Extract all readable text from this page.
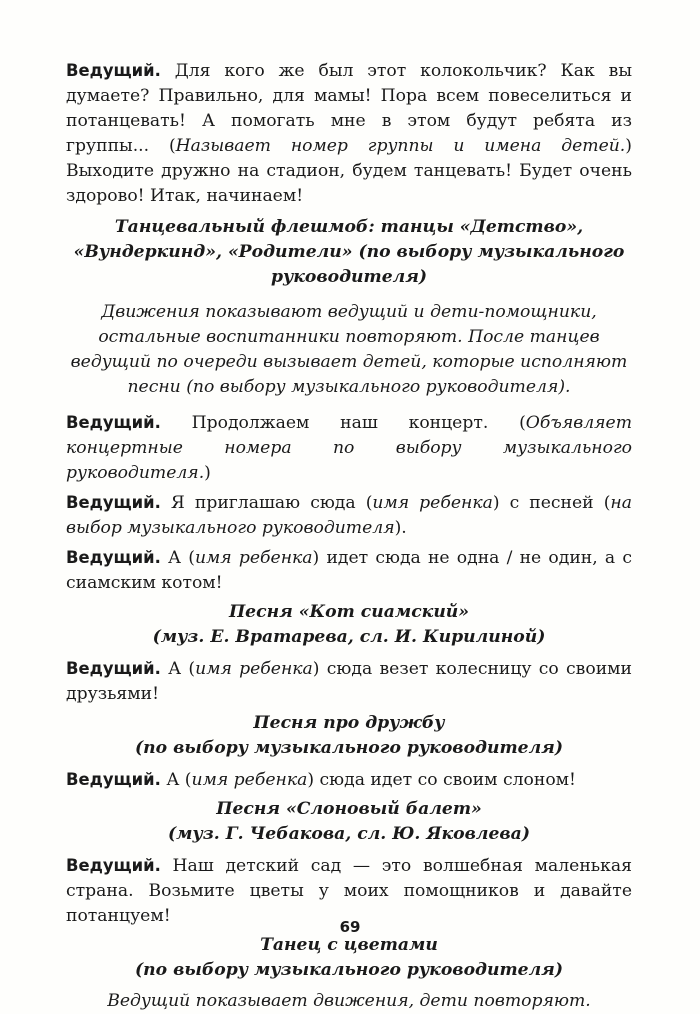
Ведущий. Для кого же был этот колокольчик? Как вы думаете? Правильно, для мамы! Пора всем повеселиться и потанцевать! А помогать мне в этом будут ребята из группы... (Называет номер группы и имена детей.) Выходите дружно на стадион, будем танцевать! Будет очень здорово! Итак, начинаем!

Танцевальный флешмоб: танцы «Детство», «Вундеркинд», «Родители» (по выбору музыкального руководителя)

Движения показывают ведущий и дети-помощники, остальные воспитанники повторяют. После танцев ведущий по очереди вызывает детей, которые исполняют песни (по выбору музыкального руководителя).

Ведущий. Продолжаем наш концерт. (Объявляет концертные номера по выбору музыкального руководителя.)

Ведущий. Я приглашаю сюда (имя ребенка) с песней (на выбор музыкального руководителя).

Ведущий. А (имя ребенка) идет сюда не одна / не один, а с сиамским котом!

Песня «Кот сиамский»

(муз. Е. Вратарева, сл. И. Кирилиной)

Ведущий. А (имя ребенка) сюда везет колесницу со своими друзьями!

Песня про дружбу

(по выбору музыкального руководителя)

Ведущий. А (имя ребенка) сюда идет со своим слоном!

Песня «Слоновый балет»

(муз. Г. Чебакова, сл. Ю. Яковлева)

Ведущий. Наш детский сад — это волшебная маленькая страна. Возьмите цветы у моих помощников и давайте потанцуем!

Танец с цветами

(по выбору музыкального руководителя)

Ведущий показывает движения, дети повторяют.

69
